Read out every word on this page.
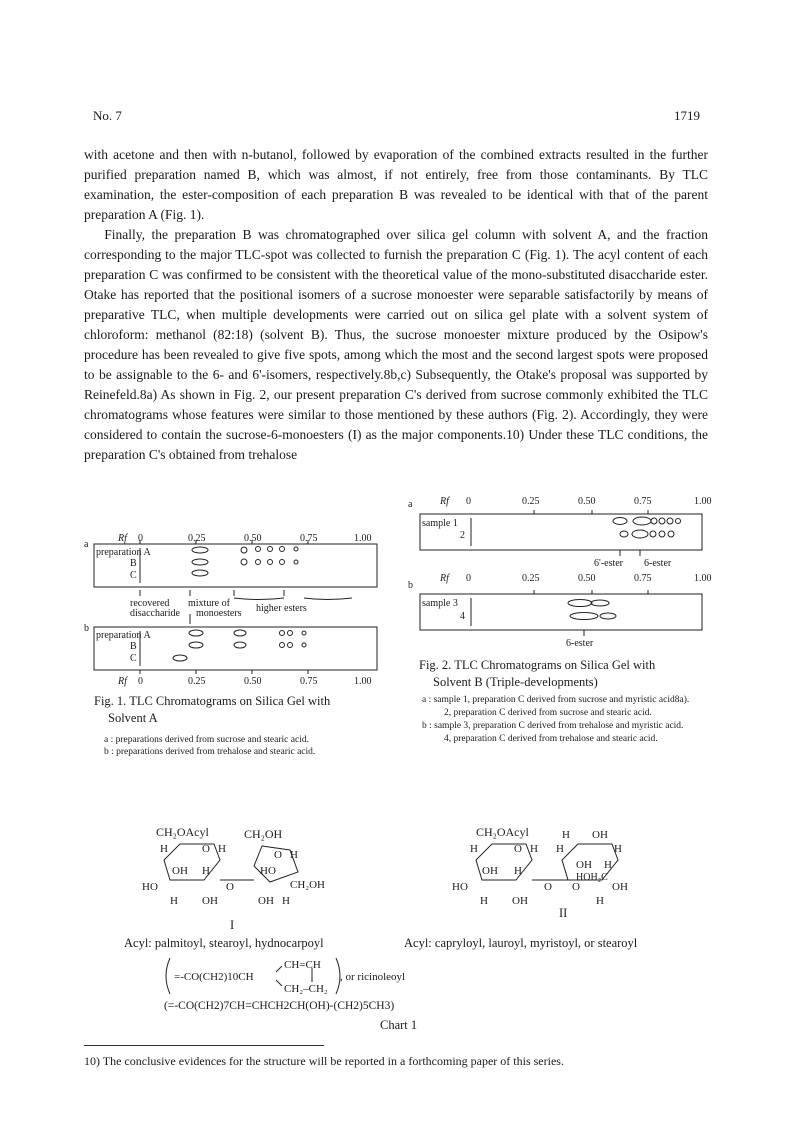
No. 7	1719

with acetone and then with n-butanol, followed by evaporation of the combined extracts resulted in the further purified preparation named B, which was almost, if not entirely, free from those contaminants. By TLC examination, the ester-composition of each preparation B was revealed to be identical with that of the parent preparation A (Fig. 1).

Finally, the preparation B was chromatographed over silica gel column with solvent A, and the fraction corresponding to the major TLC-spot was collected to furnish the preparation C (Fig. 1). The acyl content of each preparation C was confirmed to be consistent with the theoretical value of the mono-substituted disaccharide ester. Otake has reported that the positional isomers of a sucrose monoester were separable satisfactorily by means of preparative TLC, when multiple developments were carried out on silica gel plate with a solvent system of chloroform: methanol (82:18) (solvent B). Thus, the sucrose monoester mixture produced by the Osipow's procedure has been revealed to give five spots, among which the most and the second largest spots were proposed to be assignable to the 6- and 6'-isomers, respectively.8b,c) Subsequently, the Otake's proposal was supported by Reinefeld.8a) As shown in Fig. 2, our present preparation C's derived from sucrose commonly exhibited the TLC chromatograms whose features were similar to those mentioned by these authors (Fig. 2). Accordingly, they were considered to contain the sucrose-6-monoesters (I) as the major components.10) Under these TLC conditions, the preparation C's obtained from trehalose

a
b
Rf 0	0.25	0.50	0.75	1.00
preparation A
B
C
preparation A
B
C
recovered mixture of
disaccharide monoesters higher esters
Rf 0	0.25	0.50	0.75	1.00
Fig. 1. TLC Chromatograms on Silica Gel with
Solvent A
a : preparations derived from sucrose and stearic acid.
b : preparations derived from trehalose and stearic acid.
a
b
Rf 0	0.25	0.50	0.75	1.00
sample 1
2
6'-ester 6-ester
Rf 0	0.25	0.50	0.75	1.00
sample 3
4
6-ester
Fig. 2. TLC Chromatograms on Silica Gel with
Solvent B (Triple-developments)
a : sample 1, preparation C derived from sucrose and myristic acid8a).
2, preparation C derived from sucrose and stearic acid.
b : sample 3, preparation C derived from trehalose and myristic acid.
4, preparation C derived from trehalose and stearic acid.
CH₂OAcyl	CH₂OH
H	O H	O H
OH H	HO
CH₂OH
HO	O
H OH	OH H
I
Acyl: palmitoyl, stearoyl, hydnocarpoyl
CH₂OAcyl	H OH
H	O H H	H
OH H	OH H
HOH₂C
HO	O O	OH
H OH	H
II
Acyl: capryloyl, lauroyl, myristoyl, or stearoyl
CH=CH
CH₂–CH₂
=-CO(CH2)10CH	, or ricinoleoyl
(=-CO(CH2)7CH=CHCH2CH(OH)-(CH2)5CH3)
Chart 1
10) The conclusive evidences for the structure will be reported in a forthcoming paper of this series.
